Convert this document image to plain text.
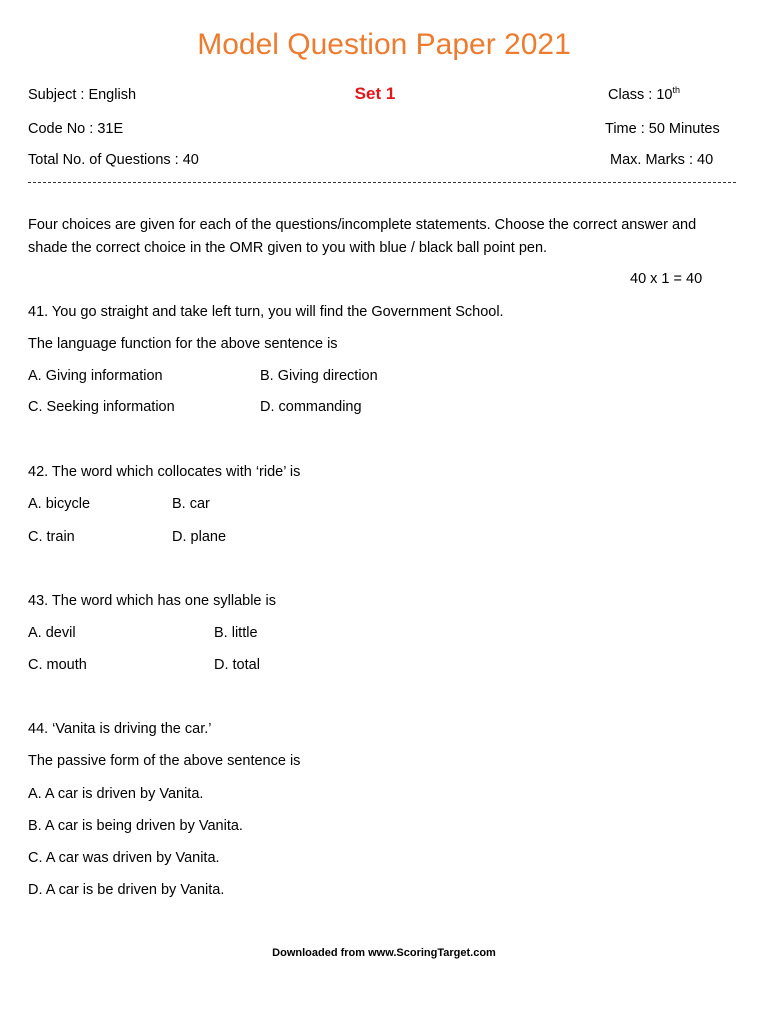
Model Question Paper 2021
Subject : English	Set 1	Class : 10th
Code No : 31E	Time : 50 Minutes
Total No. of Questions : 40	Max. Marks : 40
Four choices are given for each of the questions/incomplete statements. Choose the correct answer and shade the correct choice in the OMR given to you with blue / black ball point pen.
40 x 1 = 40
41. You go straight and take left turn, you will find the Government School.
The language function for the above sentence is
A. Giving information	B. Giving direction
C. Seeking information	D. commanding
42. The word which collocates with ‘ride’ is
A. bicycle	B. car
C. train	D. plane
43. The word which has one syllable is
A. devil	B. little
C. mouth	D. total
44. ‘Vanita is driving the car.’
The passive form of the above sentence is
A. A car is driven by Vanita.
B. A car is being driven by Vanita.
C. A car was driven by Vanita.
D. A car is be driven by Vanita.
Downloaded from www.ScoringTarget.com
